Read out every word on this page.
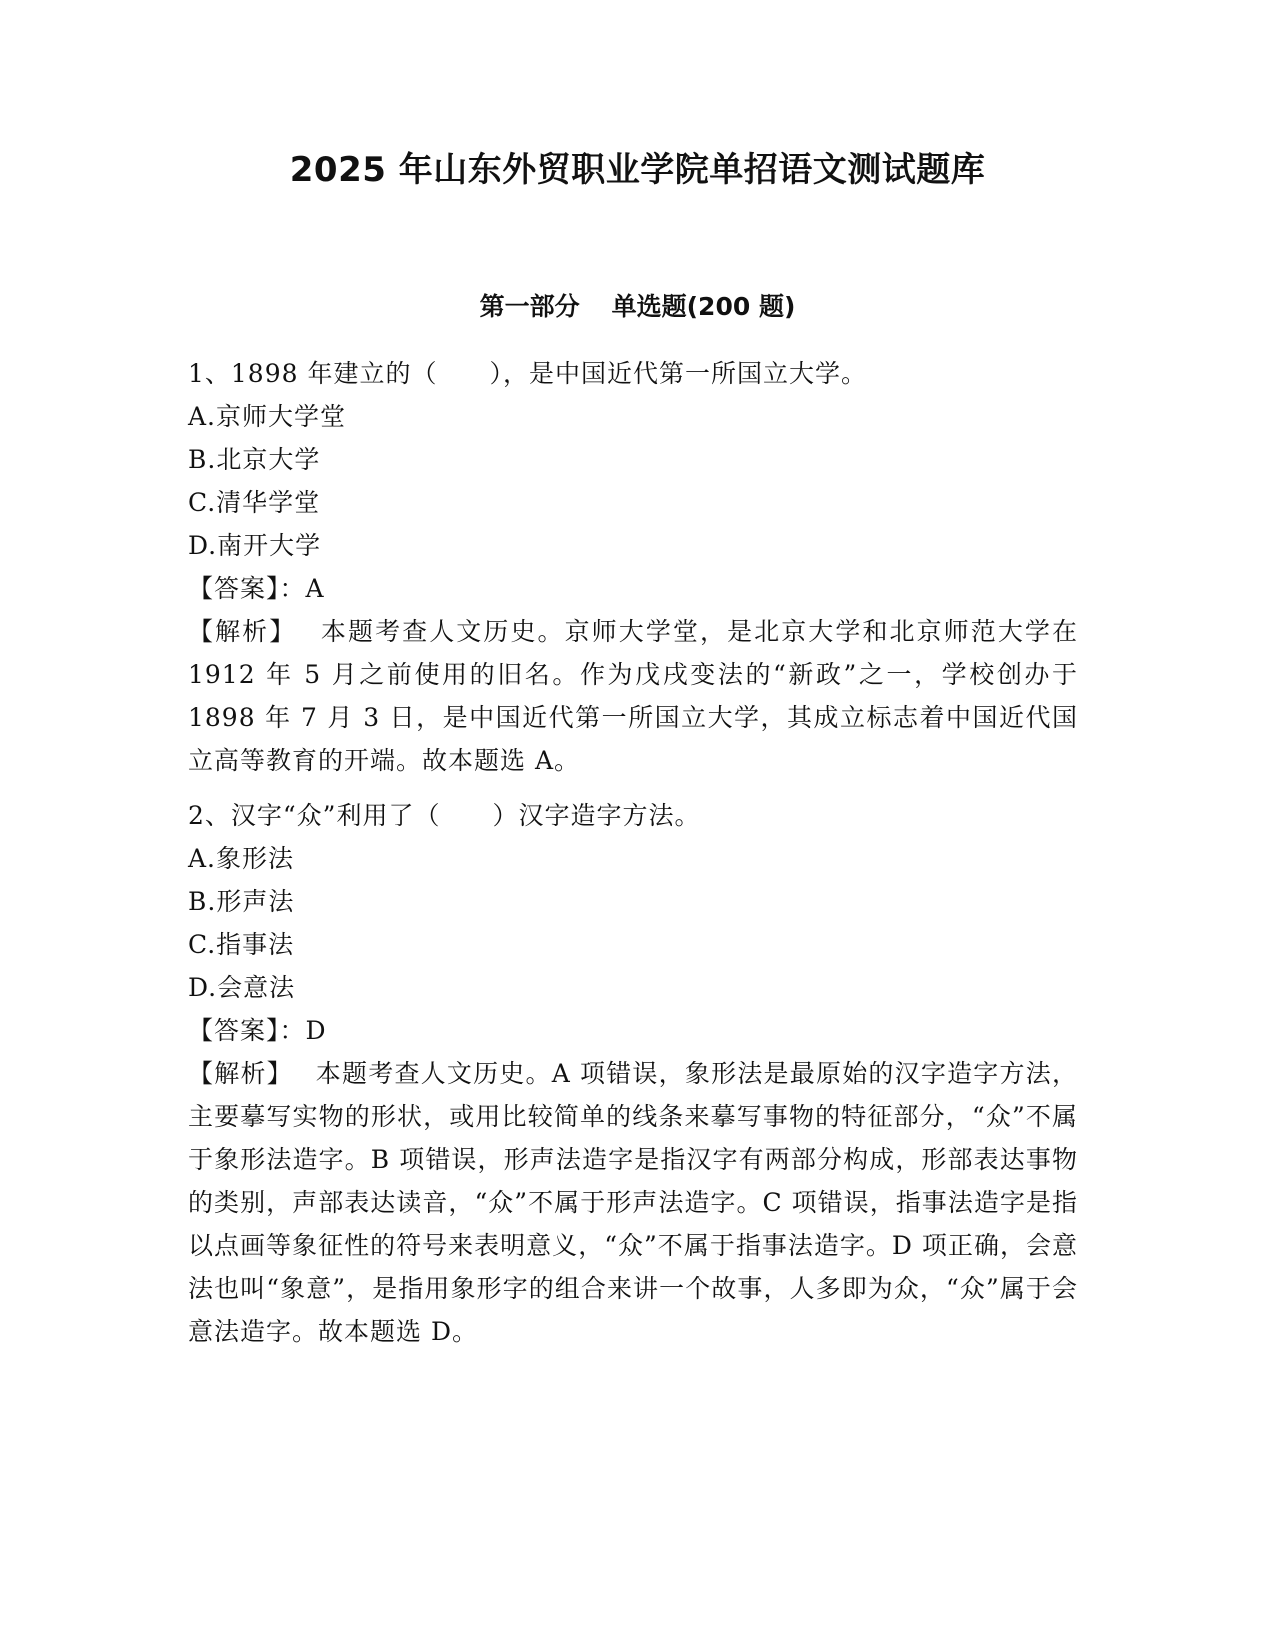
2025 年山东外贸职业学院单招语文测试题库
第一部分 单选题(200 题)
1、1898 年建立的（　　），是中国近代第一所国立大学。
A.京师大学堂
B.北京大学
C.清华学堂
D.南开大学
【答案】：A
【解析】　 本题考查人文历史。京师大学堂，是北京大学和北京师范大学在 1912 年 5 月之前使用的旧名。作为戊戌变法的“新政”之一，学校创办于 1898 年 7 月 3 日，是中国近代第一所国立大学，其成立标志着中国近代国立高等教育的开端。故本题选 A。
2、汉字“众”利用了（　　）汉字造字方法。
A.象形法
B.形声法
C.指事法
D.会意法
【答案】：D
【解析】　 本题考查人文历史。A 项错误，象形法是最原始的汉字造字方法，主要摹写实物的形状，或用比较简单的线条来摹写事物的特征部分，“众”不属于象形法造字。B 项错误，形声法造字是指汉字有两部分构成，形部表达事物的类别，声部表达读音，“众”不属于形声法造字。C 项错误，指事法造字是指以点画等象征性的符号来表明意义，“众”不属于指事法造字。D 项正确，会意法也叫“象意”，是指用象形字的组合来讲一个故事，人多即为众，“众”属于会意法造字。故本题选 D。
